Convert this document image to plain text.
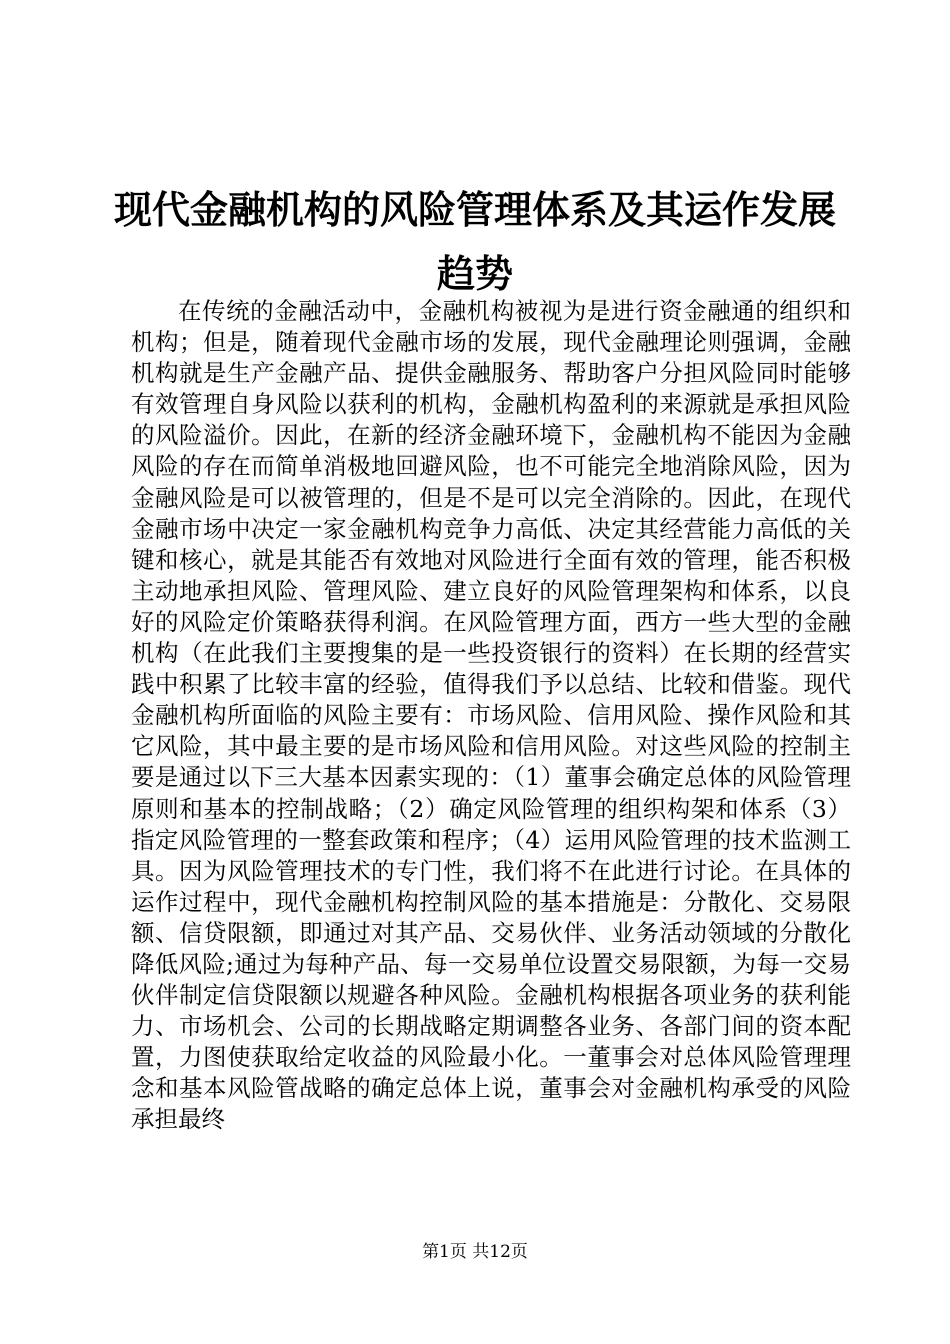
现代金融机构的风险管理体系及其运作发展趋势

在传统的金融活动中，金融机构被视为是进行资金融通的组织和机构；但是，随着现代金融市场的发展，现代金融理论则强调，金融机构就是生产金融产品、提供金融服务、帮助客户分担风险同时能够有效管理自身风险以获利的机构，金融机构盈利的来源就是承担风险的风险溢价。因此，在新的经济金融环境下，金融机构不能因为金融风险的存在而简单消极地回避风险，也不可能完全地消除风险，因为金融风险是可以被管理的，但是不是可以完全消除的。因此，在现代金融市场中决定一家金融机构竞争力高低、决定其经营能力高低的关键和核心，就是其能否有效地对风险进行全面有效的管理，能否积极主动地承担风险、管理风险、建立良好的风险管理架构和体系，以良好的风险定价策略获得利润。在风险管理方面，西方一些大型的金融机构（在此我们主要搜集的是一些投资银行的资料）在长期的经营实践中积累了比较丰富的经验，值得我们予以总结、比较和借鉴。现代金融机构所面临的风险主要有：市场风险、信用风险、操作风险和其它风险，其中最主要的是市场风险和信用风险。对这些风险的控制主要是通过以下三大基本因素实现的：（1）董事会确定总体的风险管理原则和基本的控制战略；（2）确定风险管理的组织构架和体系（3）指定风险管理的一整套政策和程序；（4）运用风险管理的技术监测工具。因为风险管理技术的专门性，我们将不在此进行讨论。在具体的运作过程中，现代金融机构控制风险的基本措施是：分散化、交易限额、信贷限额，即通过对其产品、交易伙伴、业务活动领域的分散化降低风险;通过为每种产品、每一交易单位设置交易限额，为每一交易伙伴制定信贷限额以规避各种风险。金融机构根据各项业务的获利能力、市场机会、公司的长期战略定期调整各业务、各部门间的资本配置，力图使获取给定收益的风险最小化。一董事会对总体风险管理理念和基本风险管战略的确定总体上说，董事会对金融机构承受的风险承担最终

第1页 共12页
